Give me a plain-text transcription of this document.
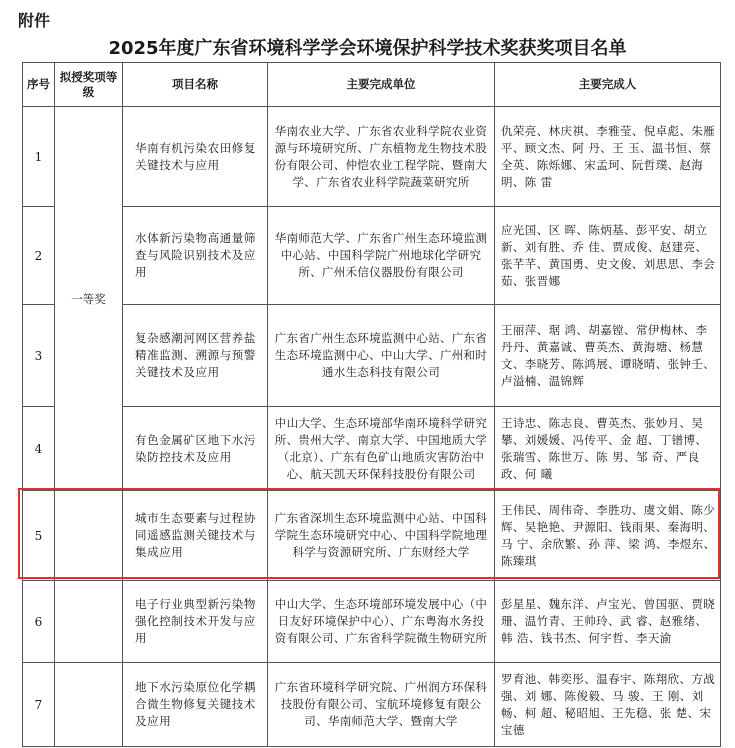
附件
2025年度广东省环境科学学会环境保护科学技术奖获奖项目名单
序号	拟授奖项等级	项目名称	主要完成单位	主要完成人
1	一等奖	华南有机污染农田修复关键技术与应用	华南农业大学、广东省农业科学院农业资源与环境研究所、广东植物龙生物技术股份有限公司、仲恺农业工程学院、暨南大学、广东省农业科学院蔬菜研究所	仇荣亮、林庆祺、李雅莹、倪卓彪、朱雁平、顾文杰、阿 丹、王 玉、温书恒、蔡全英、陈烁娜、宋孟珂、阮哲璞、赵海明、陈 雷
2		水体新污染物高通量筛查与风险识别技术及应用	华南师范大学、广东省广州生态环境监测中心站、中国科学院广州地球化学研究所、广州禾信仪器股份有限公司	应光国、区 晖、陈炳基、彭平安、胡立新、刘有胜、乔 佳、贾成俊、赵建亮、张芊芊、黄国勇、史文俊、刘思思、李会茹、张晋娜
3		复杂感潮河网区营养盐精准监测、溯源与预警关键技术及应用	广东省广州生态环境监测中心站、广东省生态环境监测中心、中山大学、广州和时通水生态科技有限公司	王丽萍、琚 鸿、胡嘉镗、常伊梅林、李丹丹、黄嘉诚、曹英杰、黄海塘、杨慧文、李晓芳、陈鸿展、谭晓晴、张钟壬、卢溢楠、温锦辉
4		有色金属矿区地下水污染防控技术及应用	中山大学、生态环境部华南环境科学研究所、贵州大学、南京大学、中国地质大学（北京）、广东有色矿山地质灾害防治中心、航天凯天环保科技股份有限公司	王诗忠、陈志良、曹英杰、张妙月、吴 攀、刘媛媛、冯传平、金 超、丁镨博、张瑞雪、陈世万、陈 男、邹 奇、严良政、何 曦
5		城市生态要素与过程协同遥感监测关键技术与集成应用	广东省深圳生态环境监测中心站、中国科学院生态环境研究中心、中国科学院地理科学与资源研究所、广东财经大学	王伟民、周伟奇、李胜功、虞文娟、陈少辉、吴艳艳、尹源阳、钱雨果、秦海明、马 宁、余欣繁、孙 萍、梁 鸿、李煜东、陈臻琪
6		电子行业典型新污染物强化控制技术开发与应用	中山大学、生态环境部环境发展中心（中日友好环境保护中心）、广东粤海水务投资有限公司、广东省科学院微生物研究所	彭星星、魏东洋、卢宝光、曾国驱、贾晓珊、温竹青、王帅玲、武 睿、赵雅绪、韩 浩、钱书杰、何宇哲、李天渝
7		地下水污染原位化学耦合微生物修复关键技术及应用	广东省环境科学研究院、广州润方环保科技股份有限公司、宝航环境修复有限公司、华南师范大学、暨南大学	罗育池、韩奕彤、温春宇、陈翔欣、方战强、刘 娜、陈俊毅、马 骏、王 刚、刘 畅、柯 超、秘昭旭、王先稳、张 楚、宋宝德
